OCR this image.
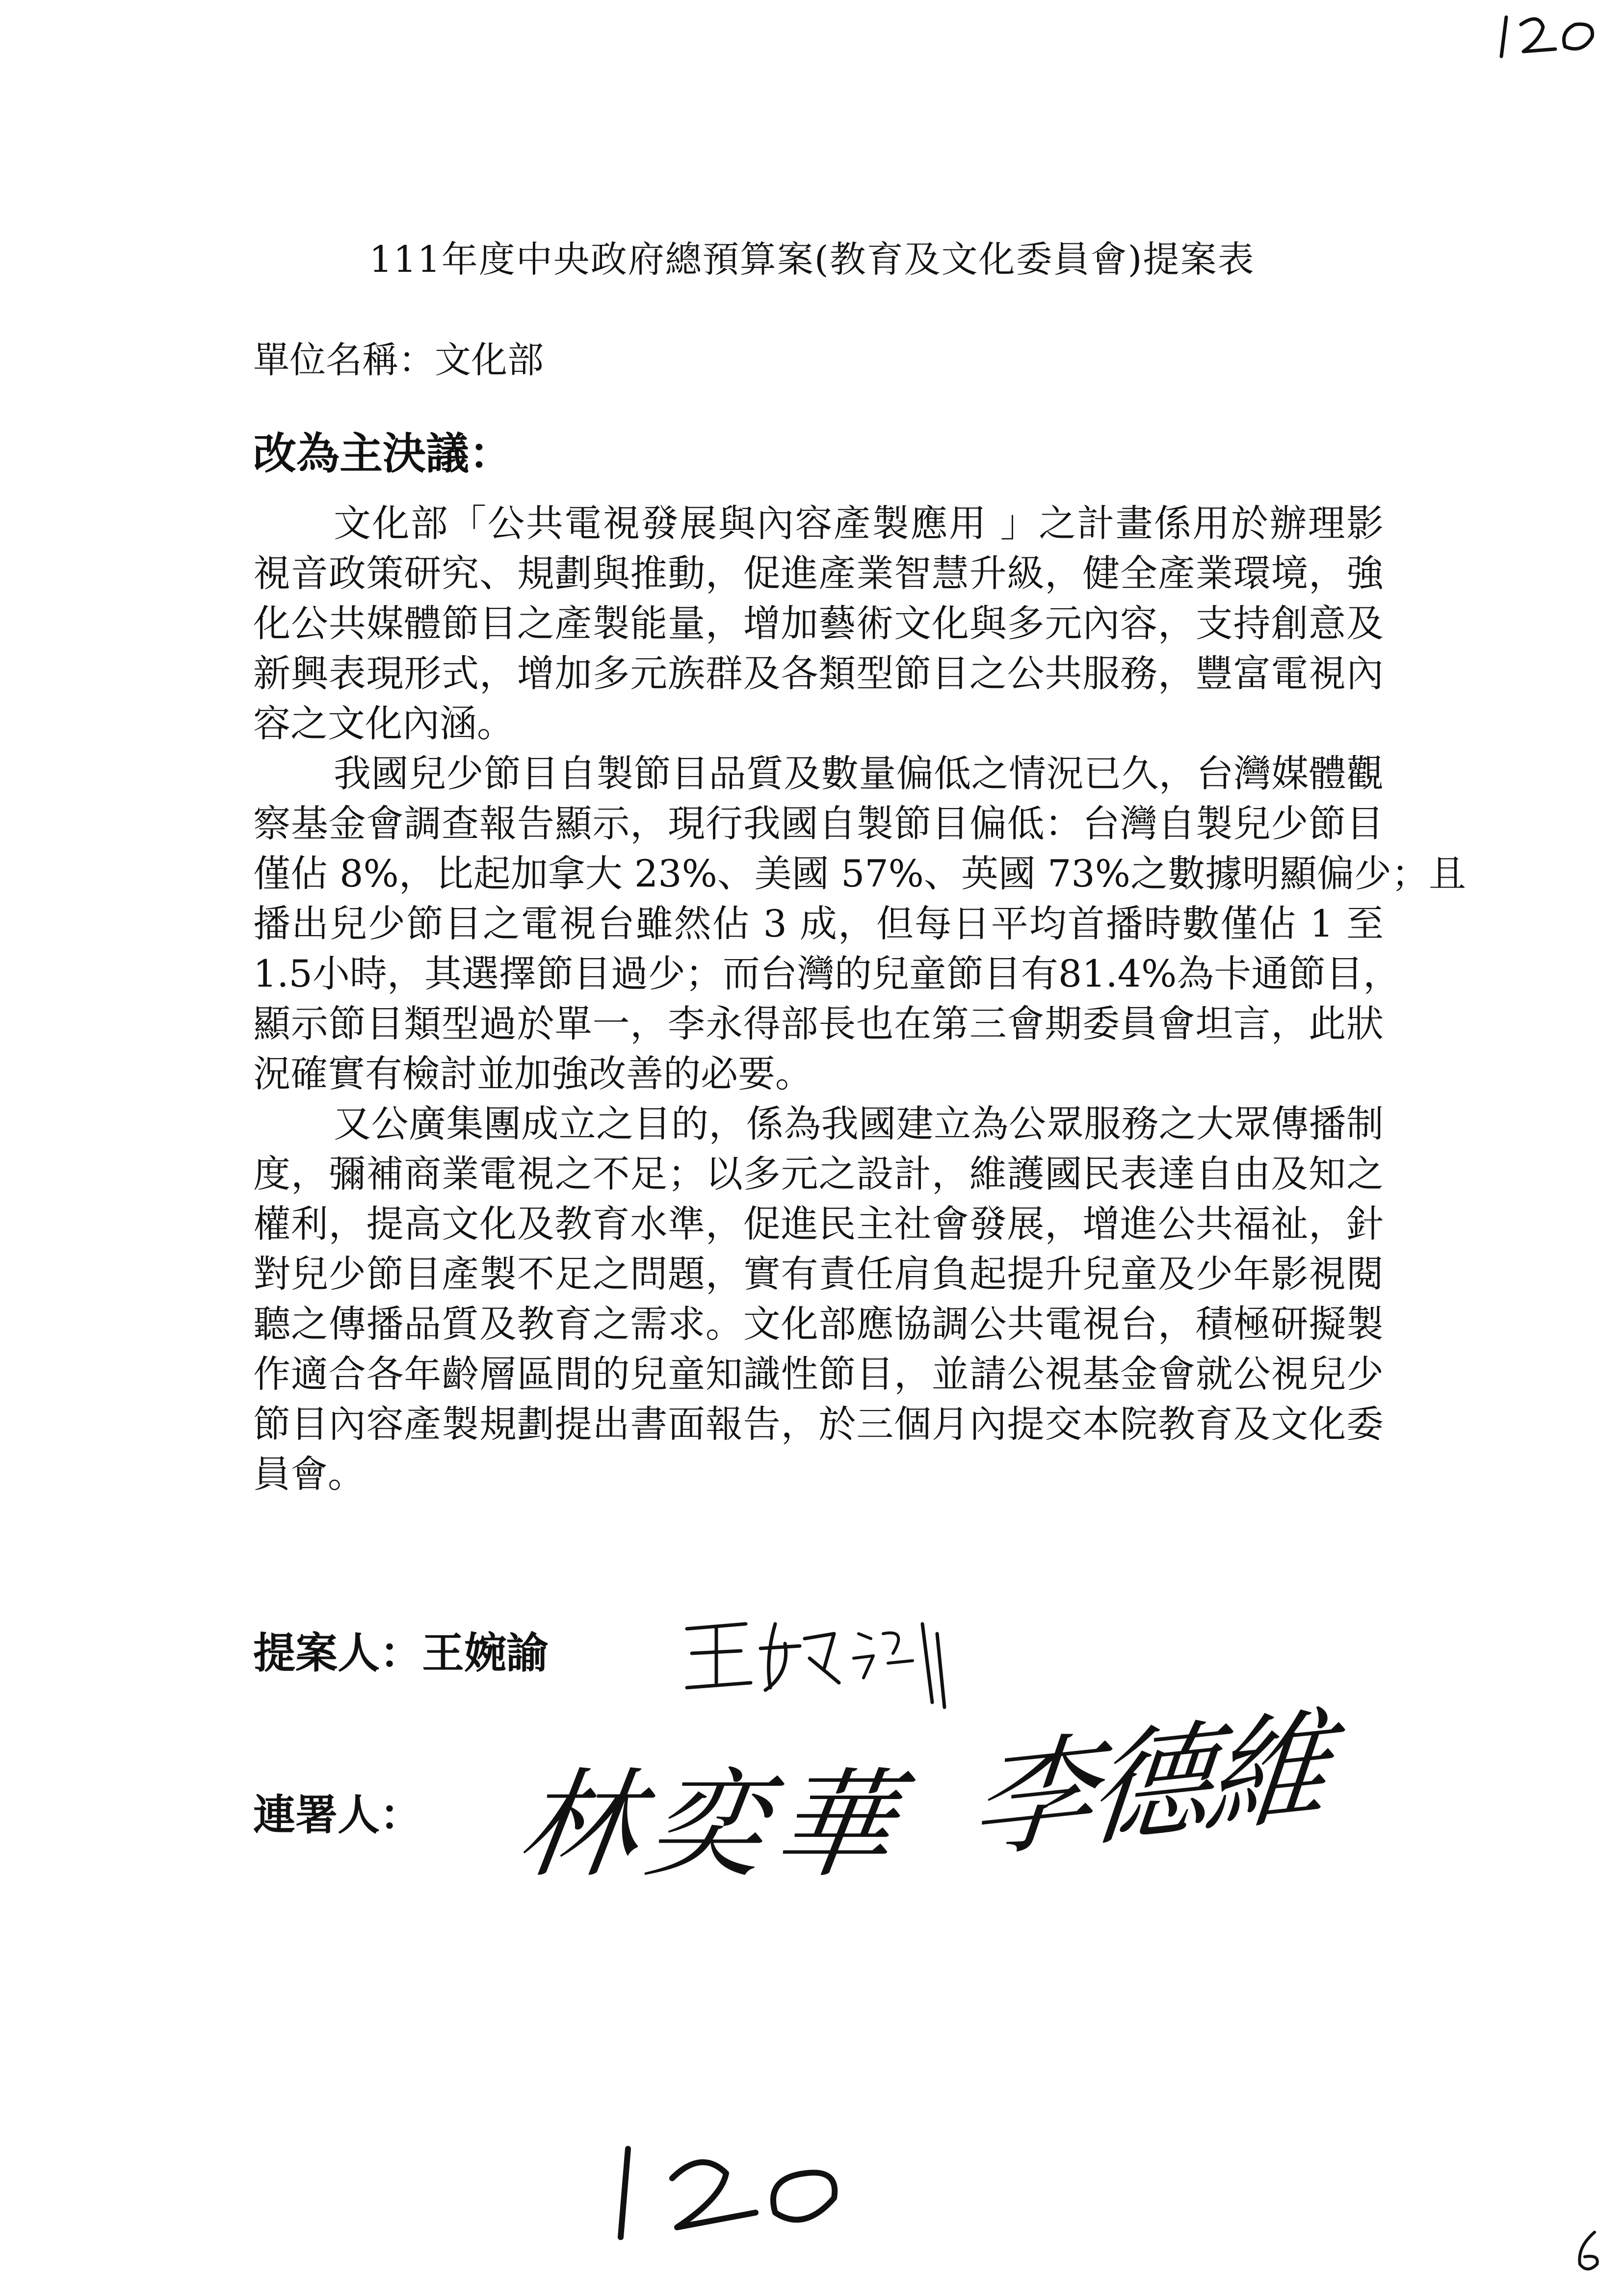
111年度中央政府總預算案(教育及文化委員會)提案表
單位名稱：文化部
改為主決議：
文化部「公共電視發展與內容產製應用 」之計畫係用於辦理影
視音政策研究、規劃與推動，促進產業智慧升級，健全產業環境，強
化公共媒體節目之產製能量，增加藝術文化與多元內容，支持創意及
新興表現形式，增加多元族群及各類型節目之公共服務，豐富電視內
容之文化內涵。
我國兒少節目自製節目品質及數量偏低之情況已久，台灣媒體觀
察基金會調查報告顯示，現行我國自製節目偏低：台灣自製兒少節目
僅佔 8%，比起加拿大 23%、美國 57%、英國 73%之數據明顯偏少；且
播出兒少節目之電視台雖然佔 3 成，但每日平均首播時數僅佔 1 至
1.5小時，其選擇節目過少；而台灣的兒童節目有81.4%為卡通節目，
顯示節目類型過於單一，李永得部長也在第三會期委員會坦言，此狀
況確實有檢討並加強改善的必要。
又公廣集團成立之目的，係為我國建立為公眾服務之大眾傳播制
度，彌補商業電視之不足；以多元之設計，維護國民表達自由及知之
權利，提高文化及教育水準，促進民主社會發展，增進公共福祉，針
對兒少節目產製不足之問題，實有責任肩負起提升兒童及少年影視閱
聽之傳播品質及教育之需求。文化部應協調公共電視台，積極研擬製
作適合各年齡層區間的兒童知識性節目，並請公視基金會就公視兒少
節目內容產製規劃提出書面報告，於三個月內提交本院教育及文化委
員會。
提案人：王婉諭
連署人： 林奕華 李德維
